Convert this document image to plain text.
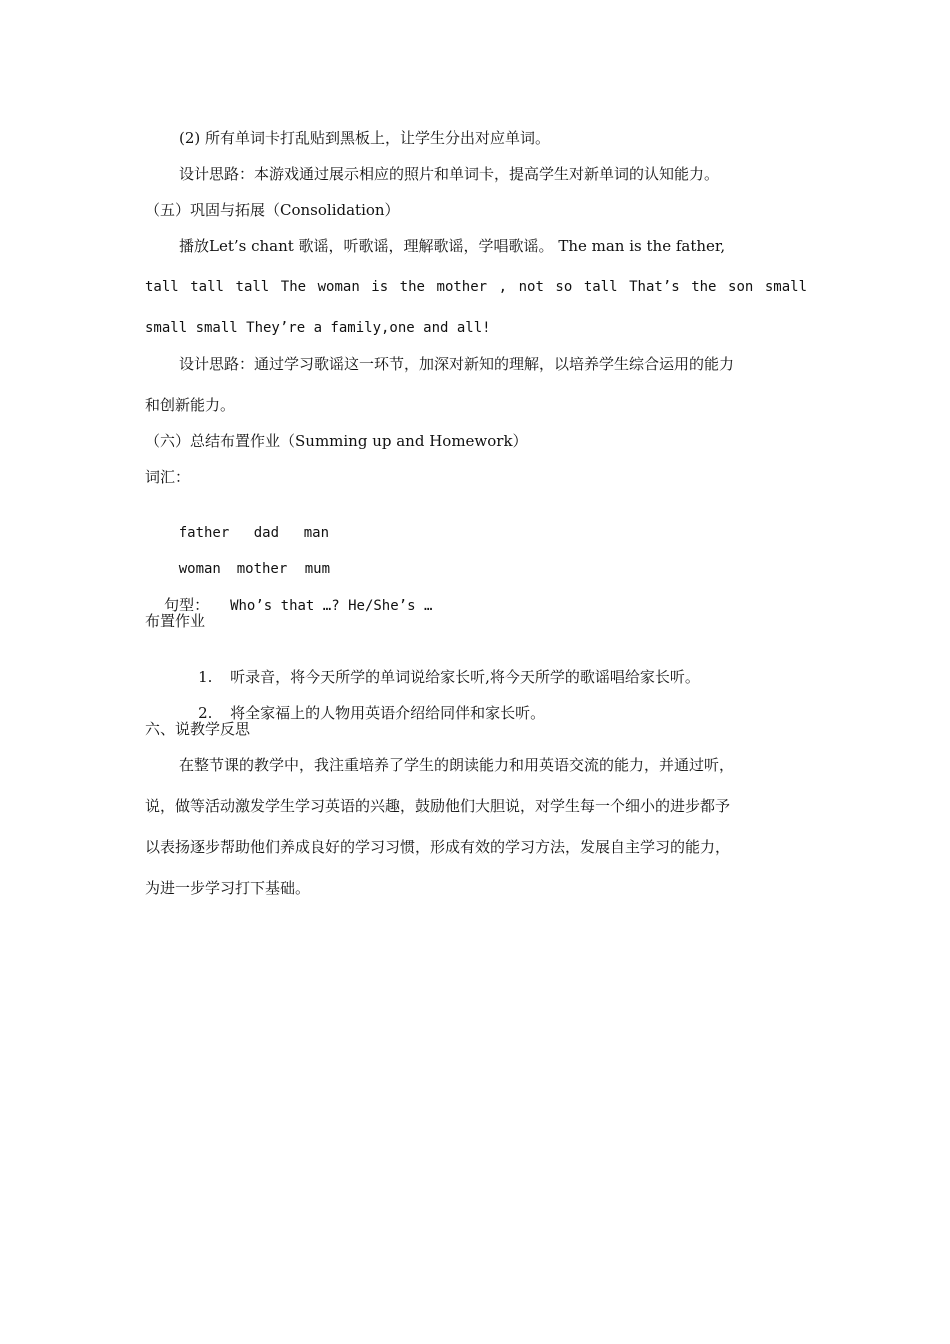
(2) 所有单词卡打乱贴到黑板上，让学生分出对应单词。
设计思路：本游戏通过展示相应的照片和单词卡，提高学生对新单词的认知能力。
（五）巩固与拓展（Consolidation）
播放Let’s chant 歌谣，听歌谣，理解歌谣，学唱歌谣。 The man is the father,
tall tall tall The woman is the mother , not so tall That’s the son small
small small They’re a family,one and all!
设计思路：通过学习歌谣这一环节，加深对新知的理解，以培养学生综合运用的能力
和创新能力。
（六）总结布置作业（Summing up and Homework）
词汇：

father dad man

woman mother mum

句型： Who’s that …? He/She’s …

布置作业

1. 听录音，将今天所学的单词说给家长听,将今天所学的歌谣唱给家长听。

2. 将全家福上的人物用英语介绍给同伴和家长听。

六、说教学反思
在整节课的教学中，我注重培养了学生的朗读能力和用英语交流的能力，并通过听，
说，做等活动激发学生学习英语的兴趣，鼓励他们大胆说，对学生每一个细小的进步都予
以表扬逐步帮助他们养成良好的学习习惯，形成有效的学习方法，发展自主学习的能力，
为进一步学习打下基础。
